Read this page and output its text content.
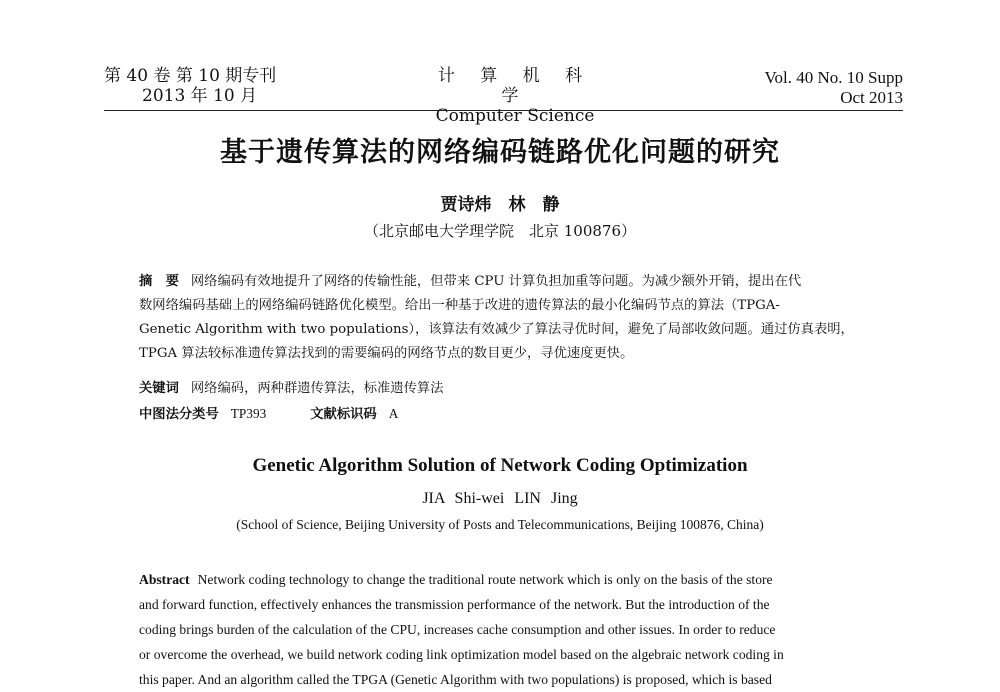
第 40 卷 第 10 期专刊
2013 年 10 月
计 算 机 科 学
Computer Science
Vol. 40 No. 10 Supp
Oct 2013
基于遗传算法的网络编码链路优化问题的研究
贾诗炜　林　静
（北京邮电大学理学院　北京 100876）
摘　要 网络编码有效地提升了网络的传输性能，但带来 CPU 计算负担加重等问题。为减少额外开销，提出在代
数网络编码基础上的网络编码链路优化模型。给出一种基于改进的遗传算法的最小化编码节点的算法（TPGA-
Genetic Algorithm with two populations），该算法有效减少了算法寻优时间，避免了局部收敛问题。通过仿真表明，
TPGA 算法较标准遗传算法找到的需要编码的网络节点的数目更少，寻优速度更快。
关键词 网络编码，两种群遗传算法，标准遗传算法
中图法分类号 TP393	文献标识码 A
Genetic Algorithm Solution of Network Coding Optimization
JIA Shi-wei LIN Jing
(School of Science, Beijing University of Posts and Telecommunications, Beijing 100876, China)
Abstract Network coding technology to change the traditional route network which is only on the basis of the store
and forward function, effectively enhances the transmission performance of the network. But the introduction of the
coding brings burden of the calculation of the CPU, increases cache consumption and other issues. In order to reduce
or overcome the overhead, we build network coding link optimization model based on the algebraic network coding in
this paper. And an algorithm called the TPGA (Genetic Algorithm with two populations) is proposed, which is based
